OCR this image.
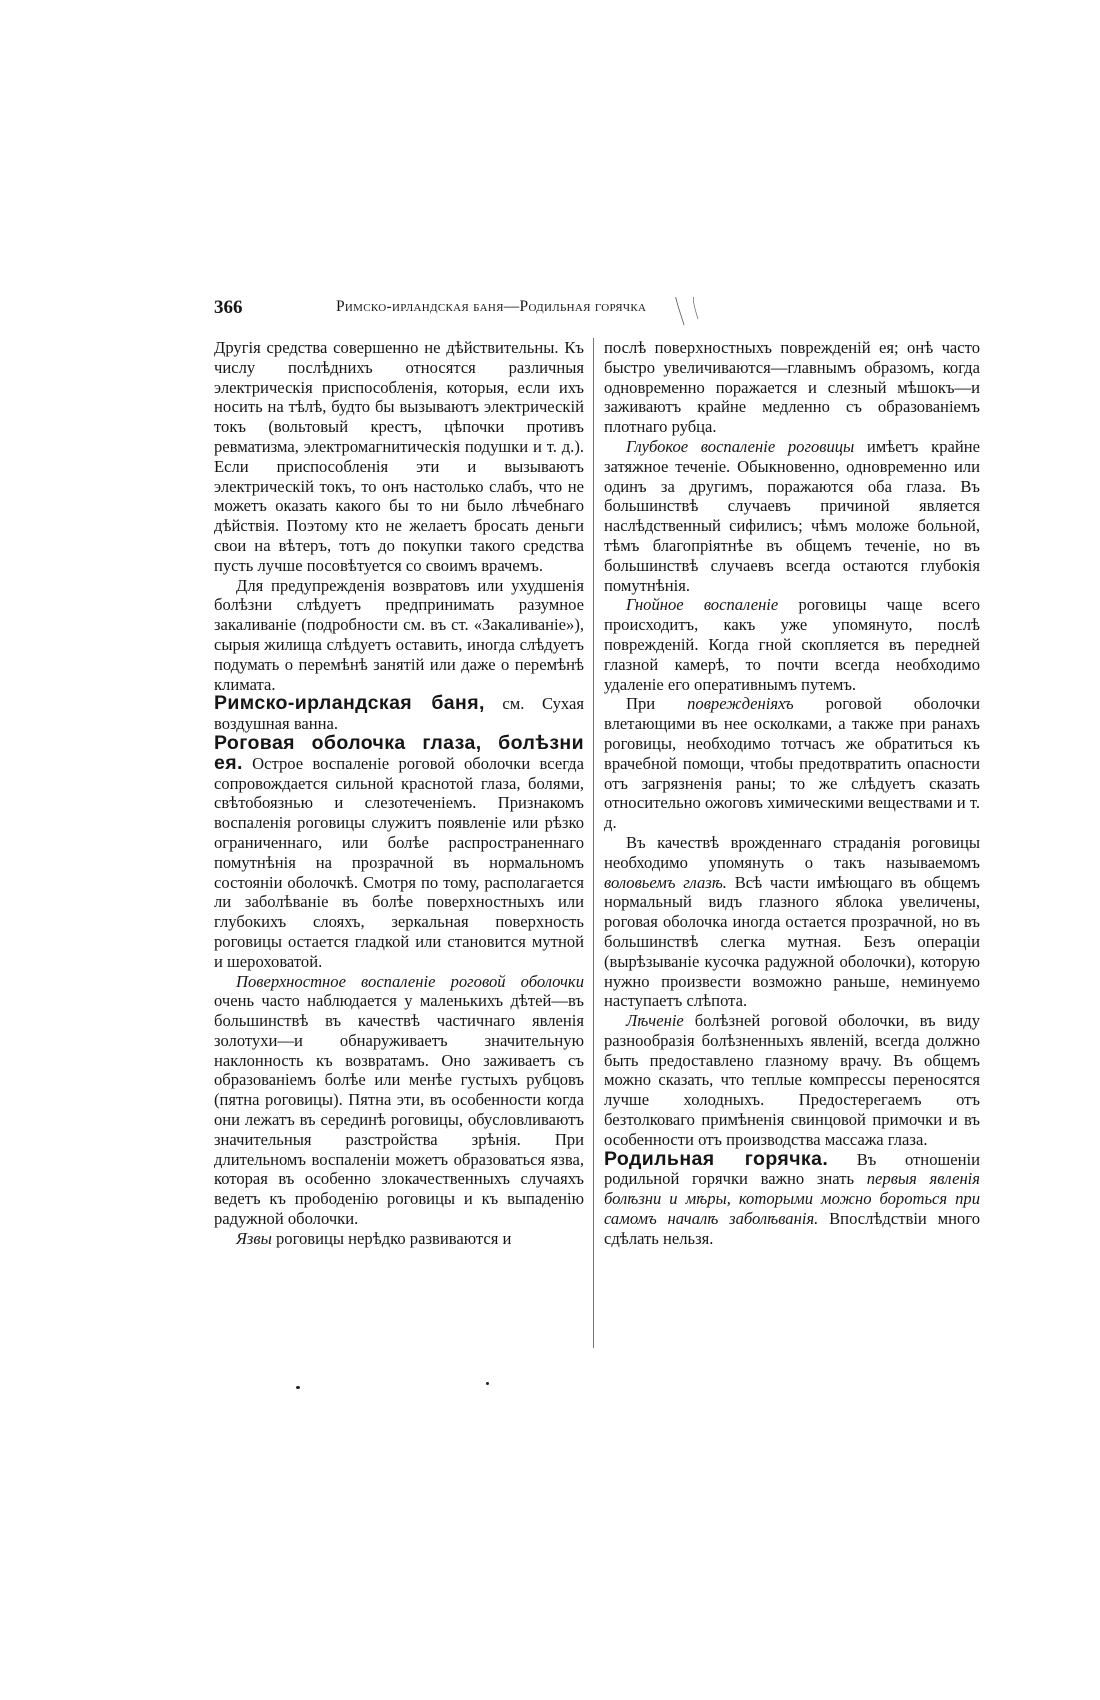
366	Римско-ирландская баня—Родильная горячка

Другія средства совершенно не дѣйствительны. Къ числу послѣднихъ относятся различныя электрическія приспособленія, которыя, если ихъ носить на тѣлѣ, будто бы вызываютъ электрическій токъ (вольтовый крестъ, цѣпочки противъ ревматизма, электромагнитическія подушки и т. д.). Если приспособленія эти и вызываютъ электрическій токъ, то онъ настолько слабъ, что не можетъ оказать какого бы то ни было лѣчебнаго дѣйствія. Поэтому кто не желаетъ бросать деньги свои на вѣтеръ, тотъ до покупки такого средства пусть лучше посовѣтуется со своимъ врачемъ.

Для предупрежденія возвратовъ или ухудшенія болѣзни слѣдуетъ предпринимать разумное закаливаніе (подробности см. въ ст. «Закаливаніе»), сырыя жилища слѣдуетъ оставить, иногда слѣдуетъ подумать о перемѣнѣ занятій или даже о перемѣнѣ климата.

Римско-ирландская баня, см. Сухая воздушная ванна.

Роговая оболочка глаза, болѣзни ея. Острое воспаленіе роговой оболочки всегда сопровождается сильной краснотой глаза, болями, свѣтобоязнью и слезотеченіемъ. Признакомъ воспаленія роговицы служитъ появленіе или рѣзко ограниченнаго, или болѣе распространеннаго помутнѣнія на прозрачной въ нормальномъ состояніи оболочкѣ. Смотря по тому, располагается ли заболѣваніе въ болѣе поверхностныхъ или глубокихъ слояхъ, зеркальная поверхность роговицы остается гладкой или становится мутной и шероховатой.

Поверхностное воспаленіе роговой оболочки очень часто наблюдается у маленькихъ дѣтей—въ большинствѣ въ качествѣ частичнаго явленія золотухи—и обнаруживаетъ значительную наклонность къ возвратамъ. Оно заживаетъ съ образованіемъ болѣе или менѣе густыхъ рубцовъ (пятна роговицы). Пятна эти, въ особенности когда они лежатъ въ серединѣ роговицы, обусловливаютъ значительныя разстройства зрѣнія. При длительномъ воспаленіи можетъ образоваться язва, которая въ особенно злокачественныхъ случаяхъ ведетъ къ прободенію роговицы и къ выпаденію радужной оболочки.

Язвы роговицы нерѣдко развиваются и

послѣ поверхностныхъ поврежденій ея; онѣ часто быстро увеличиваются—главнымъ образомъ, когда одновременно поражается и слезный мѣшокъ—и заживаютъ крайне медленно съ образованіемъ плотнаго рубца.

Глубокое воспаленіе роговицы имѣетъ крайне затяжное теченіе. Обыкновенно, одновременно или одинъ за другимъ, поражаются оба глаза. Въ большинствѣ случаевъ причиной является наслѣдственный сифилисъ; чѣмъ моложе больной, тѣмъ благопріятнѣе въ общемъ теченіе, но въ большинствѣ случаевъ всегда остаются глубокія помутнѣнія.

Гнойное воспаленіе роговицы чаще всего происходитъ, какъ уже упомянуто, послѣ поврежденій. Когда гной скопляется въ передней глазной камерѣ, то почти всегда необходимо удаленіе его оперативнымъ путемъ.

При поврежденіяхъ роговой оболочки влетающими въ нее осколками, а также при ранахъ роговицы, необходимо тотчасъ же обратиться къ врачебной помощи, чтобы предотвратить опасности отъ загрязненія раны; то же слѣдуетъ сказать относительно ожоговъ химическими веществами и т. д.

Въ качествѣ врожденнаго страданія роговицы необходимо упомянуть о такъ называемомъ воловьемъ глазѣ. Всѣ части имѣющаго въ общемъ нормальный видъ глазного яблока увеличены, роговая оболочка иногда остается прозрачной, но въ большинствѣ слегка мутная. Безъ операціи (вырѣзываніе кусочка радужной оболочки), которую нужно произвести возможно раньше, неминуемо наступаетъ слѣпота.

Лѣченіе болѣзней роговой оболочки, въ виду разнообразія болѣзненныхъ явленій, всегда должно быть предоставлено глазному врачу. Въ общемъ можно сказать, что теплые компрессы переносятся лучше холодныхъ. Предостерегаемъ отъ безтолковаго примѣненія свинцовой примочки и въ особенности отъ производства массажа глаза.

Родильная горячка. Въ отношеніи родильной горячки важно знать первыя явленія болѣзни и мѣры, которыми можно бороться при самомъ началѣ заболѣванія. Впослѣдствіи много сдѣлать нельзя.
